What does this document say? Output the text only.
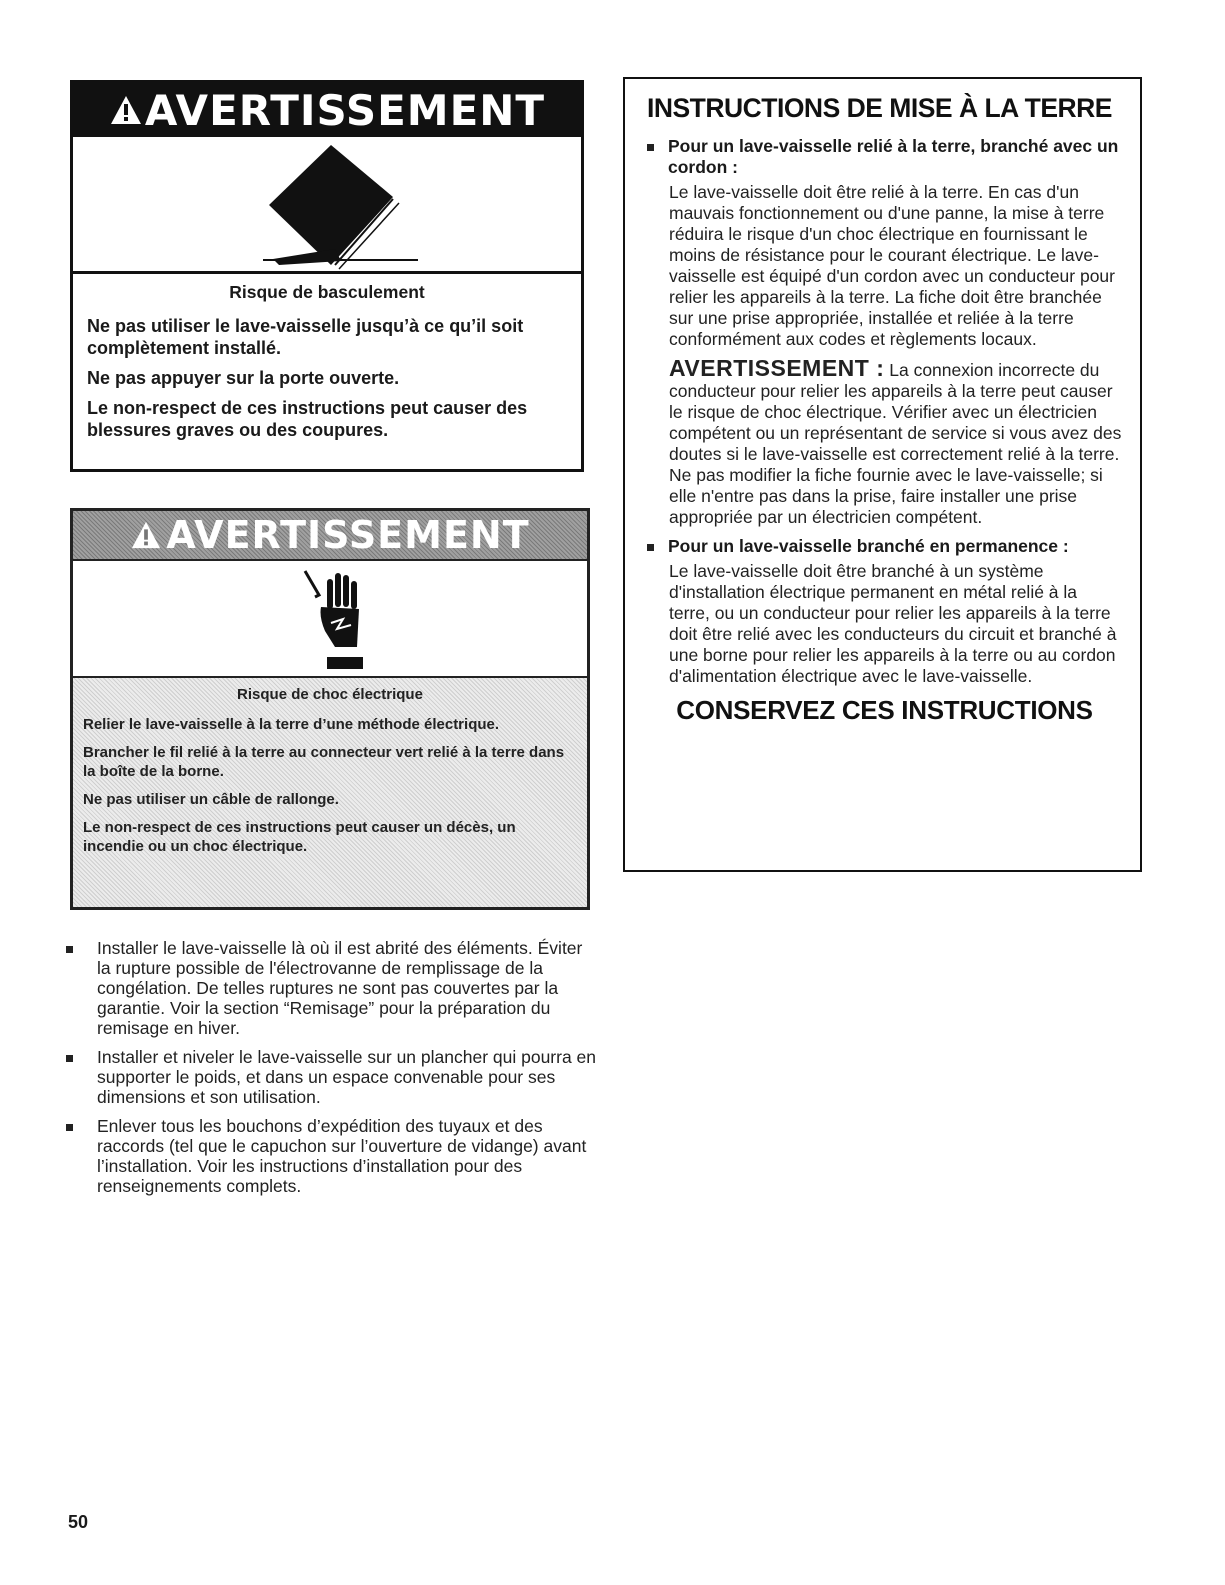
AVERTISSEMENT

Risque de basculement

Ne pas utiliser le lave-vaisselle jusqu’à ce qu’il soit complètement installé.

Ne pas appuyer sur la porte ouverte.

Le non-respect de ces instructions peut causer des blessures graves ou des coupures.

AVERTISSEMENT

Risque de choc électrique

Relier le lave-vaisselle à la terre d’une méthode électrique.

Brancher le fil relié à la terre au connecteur vert relié à la terre dans la boîte de la borne.

Ne pas utiliser un câble de rallonge.

Le non-respect de ces instructions peut causer un décès, un incendie ou un choc électrique.

Installer le lave-vaisselle là où il est abrité des éléments. Éviter la rupture possible de l'électrovanne de remplissage de la congélation. De telles ruptures ne sont pas couvertes par la garantie. Voir la section “Remisage” pour la préparation du remisage en hiver.
Installer et niveler le lave-vaisselle sur un plancher qui pourra en supporter le poids, et dans un espace convenable pour ses dimensions et son utilisation.
Enlever tous les bouchons d’expédition des tuyaux et des raccords (tel que le capuchon sur l’ouverture de vidange) avant l’installation. Voir les instructions d’installation pour des renseignements complets.
INSTRUCTIONS DE MISE À LA TERRE
Pour un lave-vaisselle relié à la terre, branché avec un cordon :

Le lave-vaisselle doit être relié à la terre. En cas d'un mauvais fonctionnement ou d'une panne, la mise à terre réduira le risque d'un choc électrique en fournissant le moins de résistance pour le courant électrique. Le lave-vaisselle est équipé d'un cordon avec un conducteur pour relier les appareils à la terre. La fiche doit être branchée sur une prise appropriée, installée et reliée à la terre conformément aux codes et règlements locaux.

AVERTISSEMENT : La connexion incorrecte du conducteur pour relier les appareils à la terre peut causer le risque de choc électrique. Vérifier avec un électricien compétent ou un représentant de service si vous avez des doutes si le lave-vaisselle est correctement relié à la terre. Ne pas modifier la fiche fournie avec le lave-vaisselle; si elle n'entre pas dans la prise, faire installer une prise appropriée par un électricien compétent.

Pour un lave-vaisselle branché en permanence :

Le lave-vaisselle doit être branché à un système d'installation électrique permanent en métal relié à la terre, ou un conducteur pour relier les appareils à la terre doit être relié avec les conducteurs du circuit et branché à une borne pour relier les appareils à la terre ou au cordon d'alimentation électrique avec le lave-vaisselle.

CONSERVEZ CES INSTRUCTIONS
50
